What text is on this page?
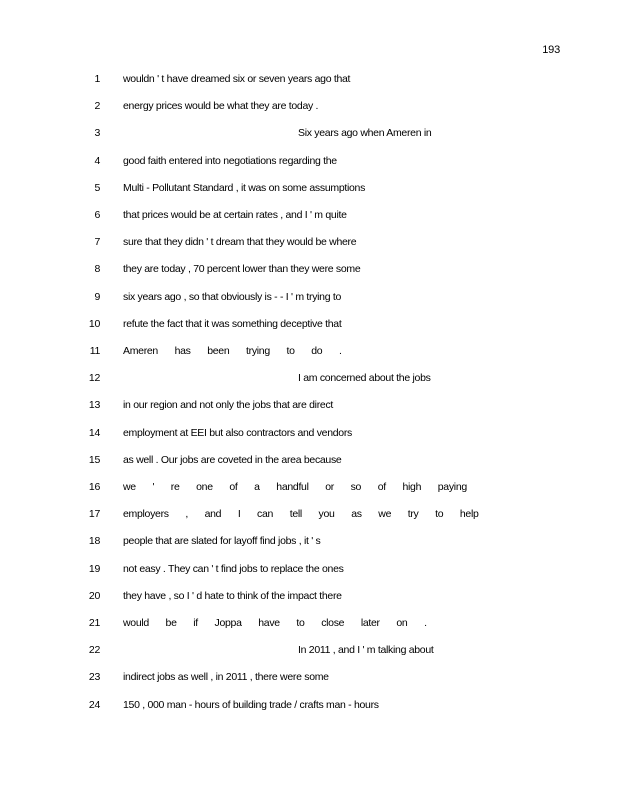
193
1 wouldn ' t have dreamed six or seven years ago that
2 energy prices would be what they are today .
3	Six years ago when Ameren in
4 good faith entered into negotiations regarding the
5 Multi - Pollutant Standard , it was on some assumptions
6 that prices would be at certain rates , and I ' m quite
7 sure that they didn ' t dream that they would be where
8 they are today , 70 percent lower than they were some
9 six years ago , so that obviously is - - I ' m trying to
10 refute the fact that it was something deceptive that
11 Ameren has been trying to do .
12	I am concerned about the jobs
13 in our region and not only the jobs that are direct
14 employment at EEI but also contractors and vendors
15 as well . Our jobs are coveted in the area because
16 we ' re one of a handful or so of high paying
17 employers , and I can tell you as we try to help
18 people that are slated for layoff find jobs , it ' s
19 not easy . They can ' t find jobs to replace the ones
20 they have , so I ' d hate to think of the impact there
21 would be if Joppa have to close later on .
22	In 2011 , and I ' m talking about
23 indirect jobs as well , in 2011 , there were some
24 150 , 000 man - hours of building trade / crafts man - hours
